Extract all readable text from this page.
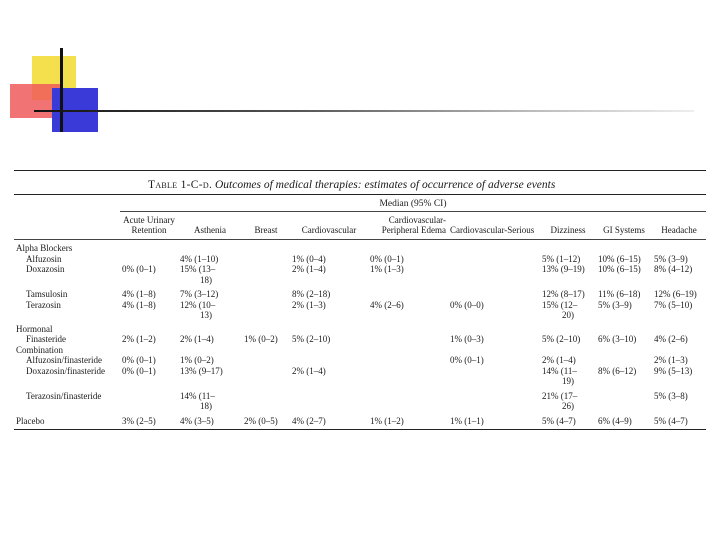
Table 1-C-d. Outcomes of medical therapies: estimates of occurrence of adverse events
Median (95% CI)
	Acute Urinary Retention	Asthenia	Breast	Cardiovascular	Cardiovascular-Peripheral Edema	Cardiovascular-Serious	Dizziness	GI Systems	Headache
Alpha Blockers									
Alfuzosin		4% (1–10)		1% (0–4)	0% (0–1)		5% (1–12)	10% (6–15)	5% (3–9)
Doxazosin	0% (0–1)	15% (13–		2% (1–4)	1% (1–3)		13% (9–19)	10% (6–15)	8% (4–12)
		18)							
Tamsulosin	4% (1–8)	7% (3–12)		8% (2–18)			12% (8–17)	11% (6–18)	12% (6–19)
Terazosin	4% (1–8)	12% (10–		2% (1–3)	4% (2–6)	0% (0–0)	15% (12–	5% (3–9)	7% (5–10)
		13)					20)		
Hormonal									
Finasteride	2% (1–2)	2% (1–4)	1% (0–2)	5% (2–10)		1% (0–3)	5% (2–10)	6% (3–10)	4% (2–6)
Combination									
Alfuzosin/finasteride	0% (0–1)	1% (0–2)				0% (0–1)	2% (1–4)		2% (1–3)
Doxazosin/finasteride	0% (0–1)	13% (9–17)		2% (1–4)			14% (11–	8% (6–12)	9% (5–13)
							19)		
Terazosin/finasteride		14% (11–					21% (17–		5% (3–8)
		18)					26)		
Placebo	3% (2–5)	4% (3–5)	2% (0–5)	4% (2–7)	1% (1–2)	1% (1–1)	5% (4–7)	6% (4–9)	5% (4–7)
